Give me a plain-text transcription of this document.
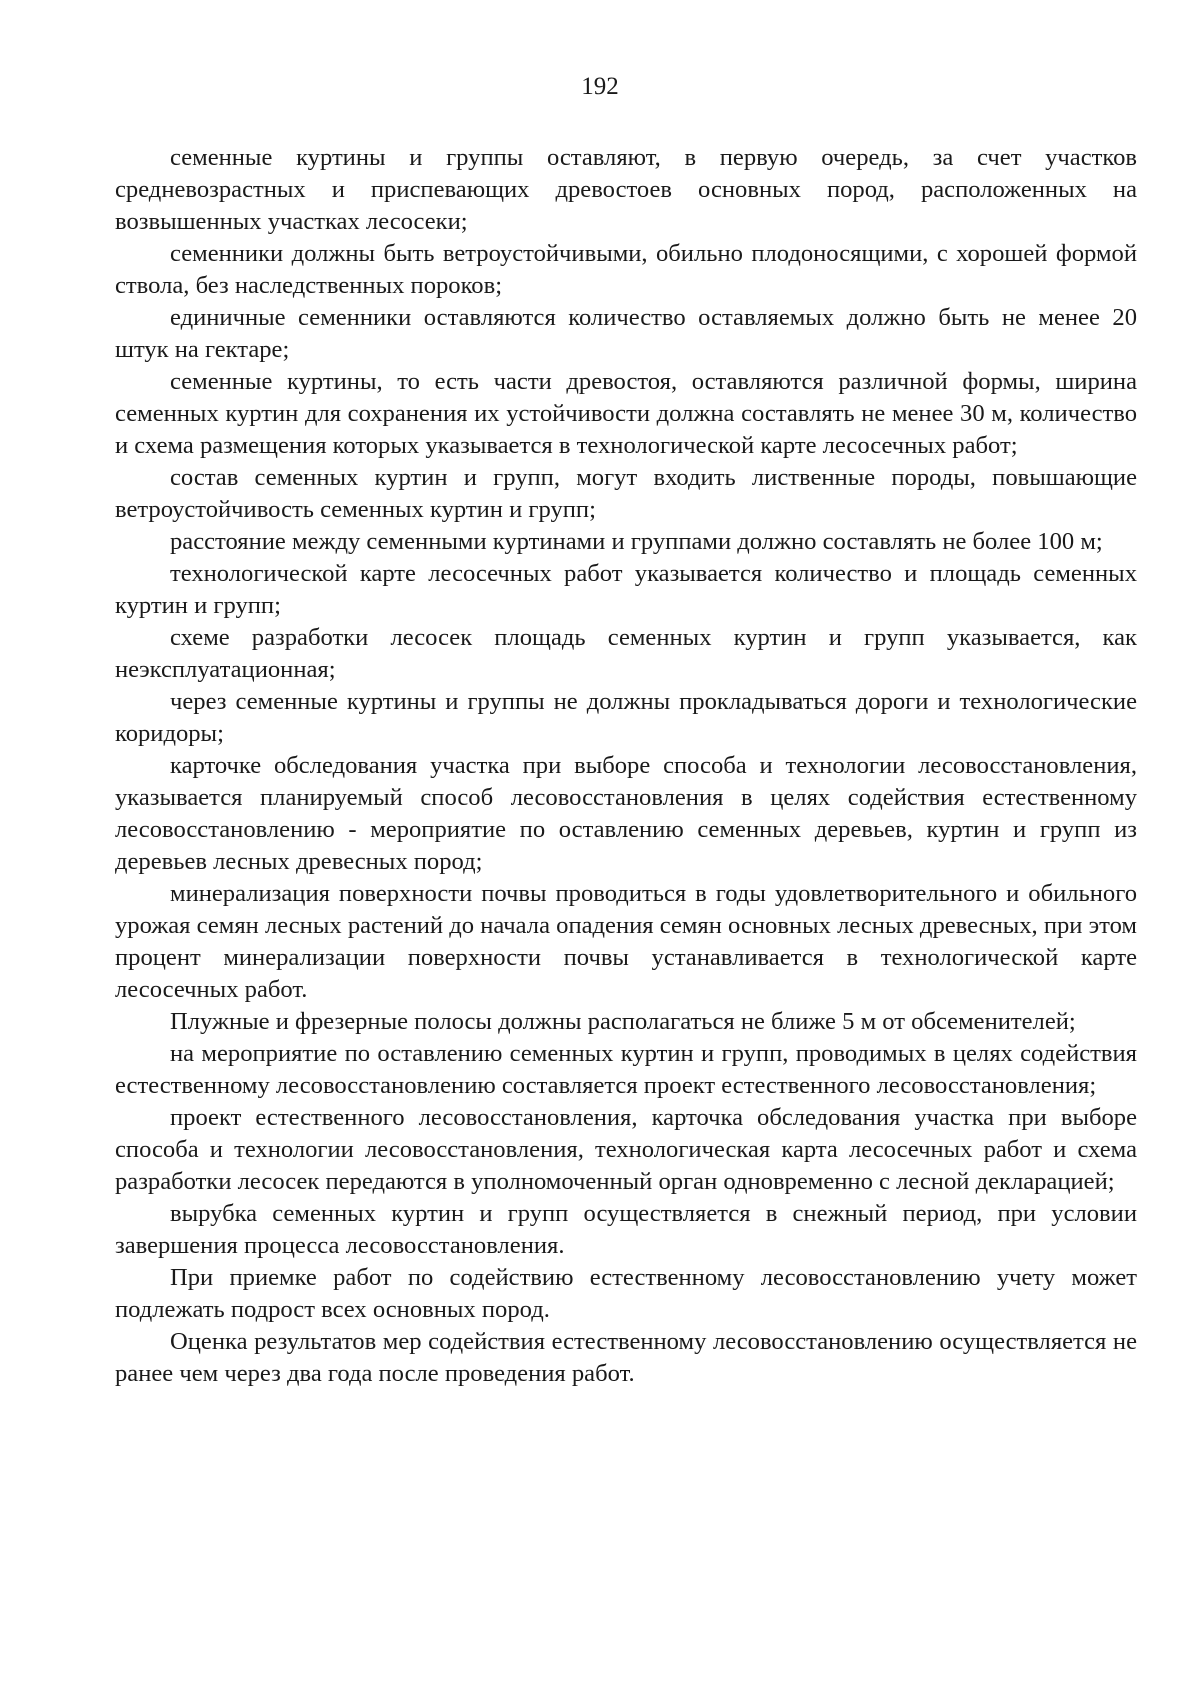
192

семенные куртины и группы оставляют, в первую очередь, за счет участков средневозрастных и приспевающих древостоев основных пород, расположенных на возвышенных участках лесосеки;

семенники должны быть ветроустойчивыми, обильно плодоносящими, с хорошей формой ствола, без наследственных пороков;

единичные семенники оставляются количество оставляемых должно быть не менее 20 штук на гектаре;

семенные куртины, то есть части древостоя, оставляются различной формы, ширина семенных куртин для сохранения их устойчивости должна составлять не менее 30 м, количество и схема размещения которых указывается в технологической карте лесосечных работ;

состав семенных куртин и групп, могут входить лиственные породы, повышающие ветроустойчивость семенных куртин и групп;

расстояние между семенными куртинами и группами должно составлять не более 100 м;

технологической карте лесосечных работ указывается количество и площадь семенных куртин и групп;

схеме разработки лесосек площадь семенных куртин и групп указывается, как неэксплуатационная;

через семенные куртины и группы не должны прокладываться дороги и технологические коридоры;

карточке обследования участка при выборе способа и технологии лесовосстановления, указывается планируемый способ лесовосстановления в целях содействия естественному лесовосстановлению - мероприятие по оставлению семенных деревьев, куртин и групп из деревьев лесных древесных пород;

минерализация поверхности почвы проводиться в годы удовлетворительного и обильного урожая семян лесных растений до начала опадения семян основных лесных древесных, при этом процент минерализации поверхности почвы устанавливается в технологической карте лесосечных работ.

Плужные и фрезерные полосы должны располагаться не ближе 5 м от обсеменителей;

на мероприятие по оставлению семенных куртин и групп, проводимых в целях содействия естественному лесовосстановлению составляется проект естественного лесовосстановления;

проект естественного лесовосстановления, карточка обследования участка при выборе способа и технологии лесовосстановления, технологическая карта лесосечных работ и схема разработки лесосек передаются в уполномоченный орган одновременно с лесной декларацией;

вырубка семенных куртин и групп осуществляется в снежный период, при условии завершения процесса лесовосстановления.

При приемке работ по содействию естественному лесовосстановлению учету может подлежать подрост всех основных пород.

Оценка результатов мер содействия естественному лесовосстановлению осуществляется не ранее чем через два года после проведения работ.
